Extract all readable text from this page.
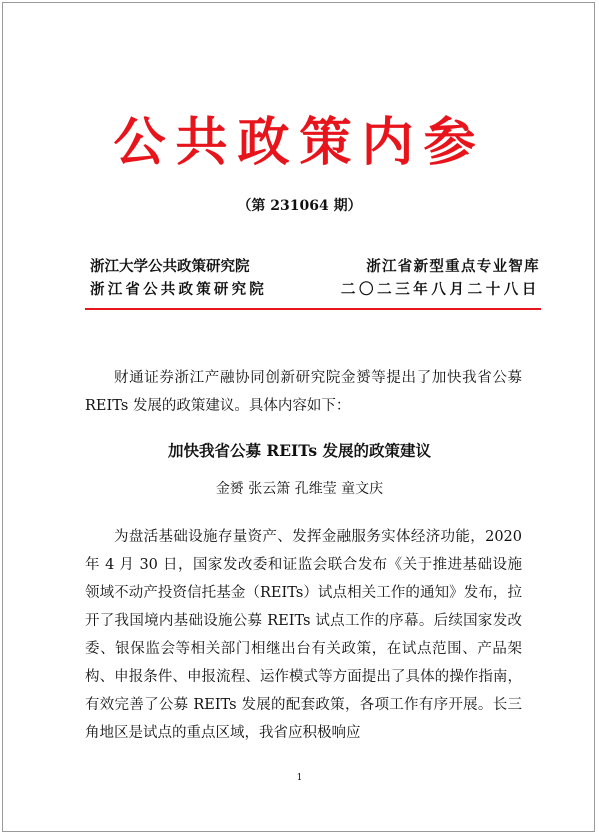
公共政策内参
（第 231064 期）
浙江大学公共政策研究院	浙江省新型重点专业智库
浙江省公共政策研究院	二〇二三年八月二十八日

财通证券浙江产融协同创新研究院金赟等提出了加快我省公募 REITs 发展的政策建议。具体内容如下：

加快我省公募 REITs 发展的政策建议
金赟 张云箫 孔维莹 童文庆

为盘活基础设施存量资产、发挥金融服务实体经济功能，2020 年 4 月 30 日，国家发改委和证监会联合发布《关于推进基础设施领域不动产投资信托基金（REITs）试点相关工作的通知》发布，拉开了我国境内基础设施公募 REITs 试点工作的序幕。后续国家发改委、银保监会等相关部门相继出台有关政策，在试点范围、产品架构、申报条件、申报流程、运作模式等方面提出了具体的操作指南，有效完善了公募 REITs 发展的配套政策，各项工作有序开展。长三角地区是试点的重点区域，我省应积极响应

1
